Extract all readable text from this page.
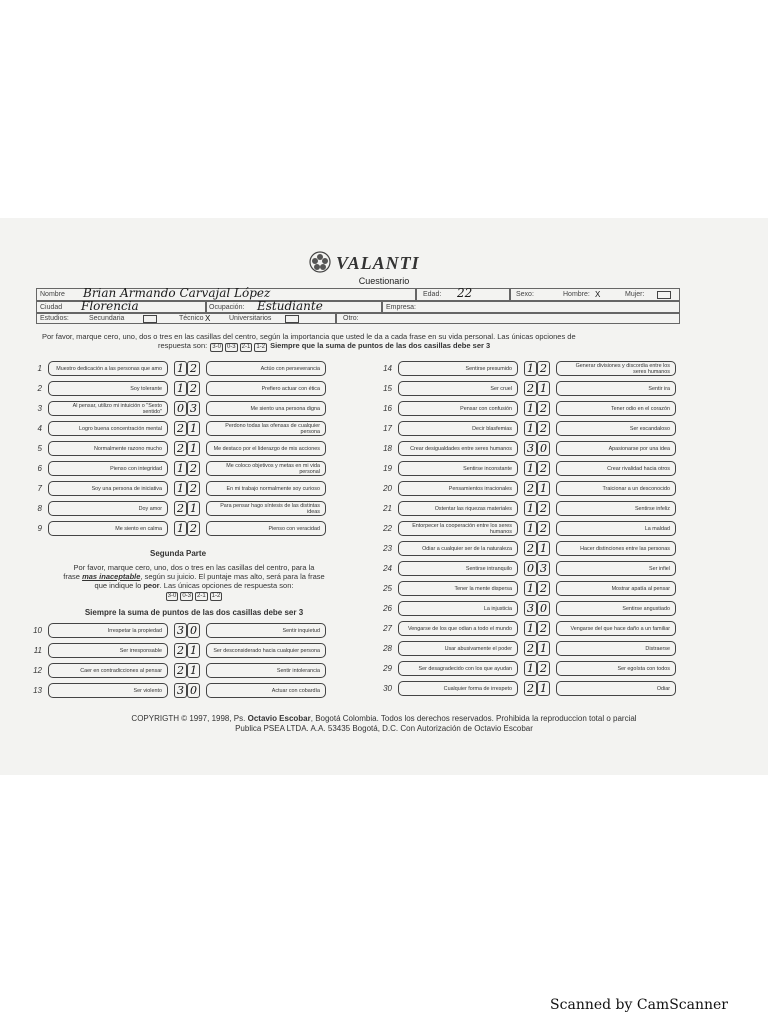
VALANTI
Cuestionario
Nombre Brian Armando Carvajal López	Edad: 22	Sexo:	Hombre: X	Mujer:
Ciudad Florencia	Ocupación: Estudiante	Empresa:
Estudios:	Secundaria	Técnico X	Universitarios	Otro:
Por favor, marque cero, uno, dos o tres en las casillas del centro, según la importancia que usted le da a cada frase en su vida personal. Las únicas opciones de
respuesta son: 3-0 0-3 2-1 1-2 Siempre que la suma de puntos de las dos casillas debe ser 3
1	Muestro dedicación a las personas que amo	1 2	Actúo con perseverancia
2	Soy tolerante	1 2	Prefiero actuar con ética
3	Al pensar, utilizo mi intuición o "Sexto sentido"	0 3	Me siento una persona digna
4	Logro buena concentración mental	2 1	Perdono todas las ofensas de cualquier persona
5	Normalmente razono mucho	2 1	Me destaco por el liderazgo de mis acciones
6	Pienso con integridad	1 2	Me coloco objetivos y metas en mi vida personal
7	Soy una persona de iniciativa	1 2	En mi trabajo normalmente soy curioso
8	Doy amor	2 1	Para pensar hago síntesis de las distintas ideas
9	Me siento en calma	1 2	Pienso con veracidad
10	Irrespetar la propiedad	3 0	Sentir inquietud
11	Ser irresponsable	2 1	Ser desconsiderado hacia cualquier persona
12	Caer en contradicciones al pensar	2 1	Sentir intolerancia
13	Ser violento	3 0	Actuar con cobardía
14	Sentirse presumido	1 2	Generar divisiones y discordia entre los seres humanos
15	Ser cruel	2 1	Sentir ira
16	Pensar con confusión	1 2	Tener odio en el corazón
17	Decir blasfemias	1 2	Ser escandaloso
18	Crear desigualdades entre seres humanos	3 0	Apasionarse por una idea
19	Sentirse inconstante	1 2	Crear rivalidad hacia otros
20	Pensamientos irracionales	2 1	Traicionar a un desconocido
21	Ostentar las riquezas materiales	1 2	Sentirse infeliz
22	Entorpecer la cooperación entre los seres humanos	1 2	La maldad
23	Odiar a cualquier ser de la naturaleza	2 1	Hacer distinciones entre las personas
24	Sentirse intranquilo	0 3	Ser infiel
25	Tener la mente dispersa	1 2	Mostrar apatía al pensar
26	La injusticia	3 0	Sentirse angustiado
27	Vengarse de los que odian a todo el mundo	1 2	Vengarse del que hace daño a un familiar
28	Usar abusivamente el poder	2 1	Distraerse
29	Ser desagradecido con los que ayudan	1 2	Ser egoísta con todos
30	Cualquier forma de irrespeto	2 1	Odiar
Segunda Parte
Por favor, marque cero, uno, dos o tres en las casillas del centro, para la
frase mas inaceptable, según su juicio. El puntaje mas alto, será para la frase
que indique lo peor. Las únicas opciones de respuesta son:
3-0 0-3 2-1 1-2
Siempre la suma de puntos de las dos casillas debe ser 3
COPYRIGTH © 1997, 1998, Ps. Octavio Escobar, Bogotá Colombia. Todos los derechos reservados. Prohibida la reproduccion total o parcial
Publica PSEA LTDA. A.A. 53435 Bogotá, D.C. Con Autorización de Octavio Escobar
Scanned by CamScanner
